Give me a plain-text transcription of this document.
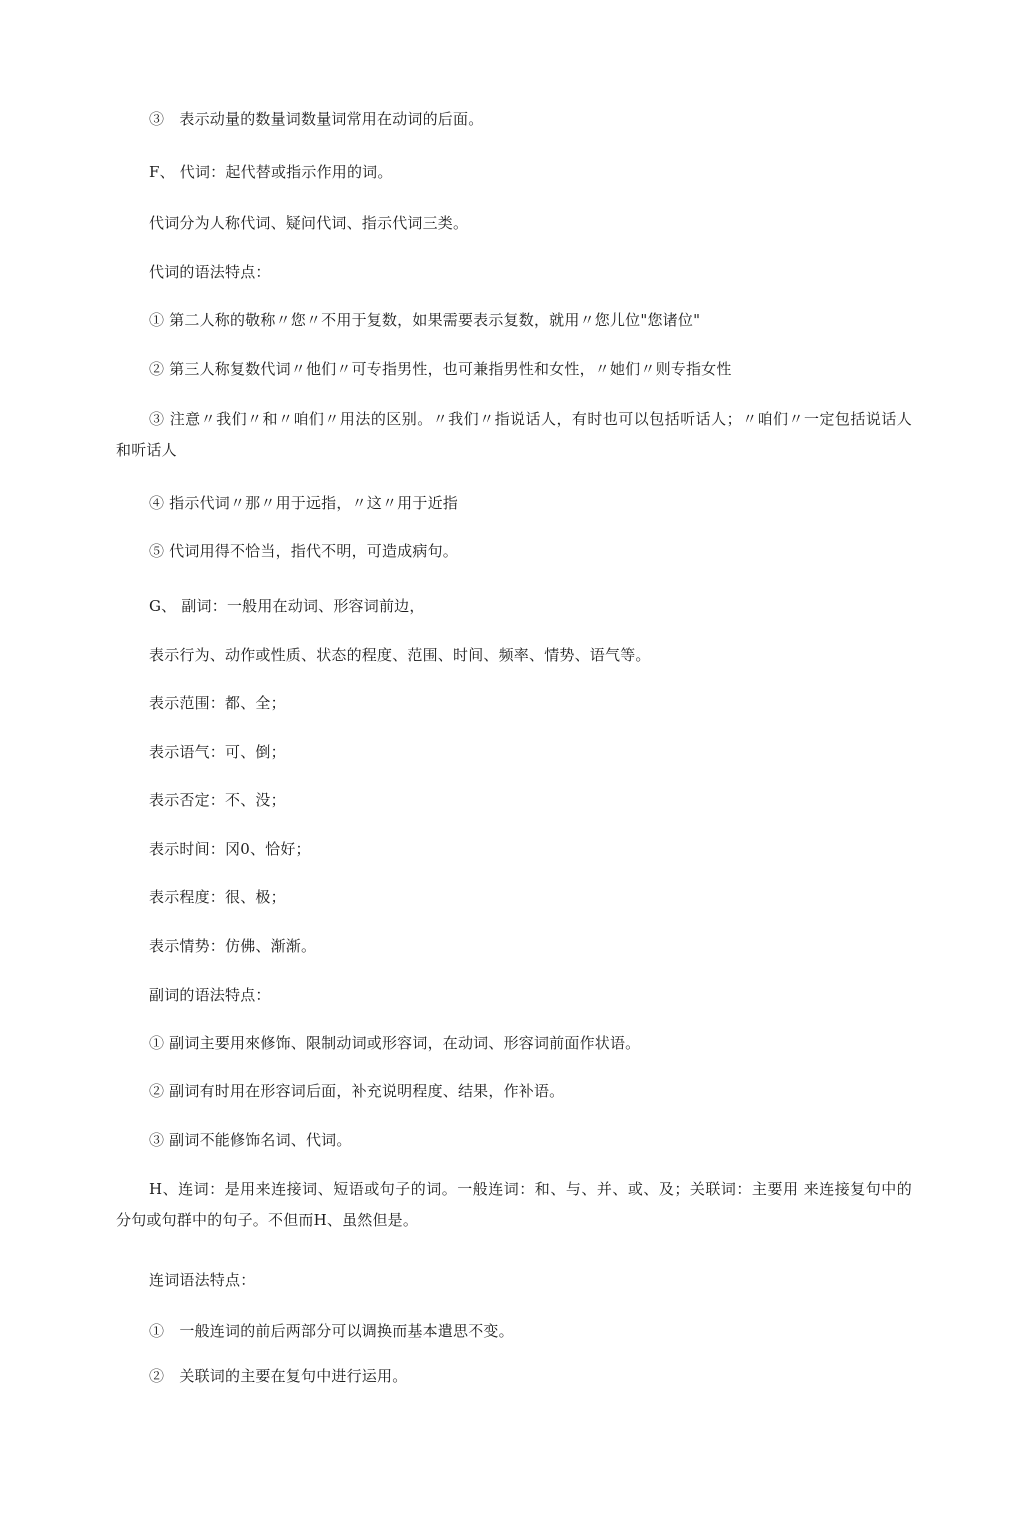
③　表示动量的数量词数量词常用在动词的后面。
F、 代词：起代替或指示作用的词。
代词分为人称代词、疑问代词、指示代词三类。
代词的语法特点：
① 第二人称的敬称〃您〃不用于复数，如果需要表示复数，就用〃您儿位"您诸位"
② 第三人称复数代词〃他们〃可专指男性，也可兼指男性和女性，〃她们〃则专指女性
③ 注意〃我们〃和〃咱们〃用法的区别。〃我们〃指说话人，有时也可以包括听话人；〃咱们〃一定包括说话人和听话人
④ 指示代词〃那〃用于远指，〃这〃用于近指
⑤ 代词用得不恰当，指代不明，可造成病句。
G、 副词：一般用在动词、形容词前边，
表示行为、动作或性质、状态的程度、范围、时间、频率、情势、语气等。
表示范围：都、全；
表示语气：可、倒；
表示否定：不、没；
表示时间：冈0、恰好；
表示程度：很、极；
表示情势：仿佛、渐渐。
副词的语法特点：
① 副词主要用來修饰、限制动词或形容词，在动词、形容词前面作状语。
② 副词有时用在形容词后面，补充说明程度、结果，作补语。
③ 副词不能修饰名词、代词。
H、连词：是用来连接词、短语或句子的词。一般连词：和、与、并、或、及；关联词：主要用 来连接复句中的分句或句群中的句子。不但而H、虽然但是。
连词语法特点：
①　一般连词的前后两部分可以调换而基本遣思不变。
②　关联词的主要在复句中进行运用。
